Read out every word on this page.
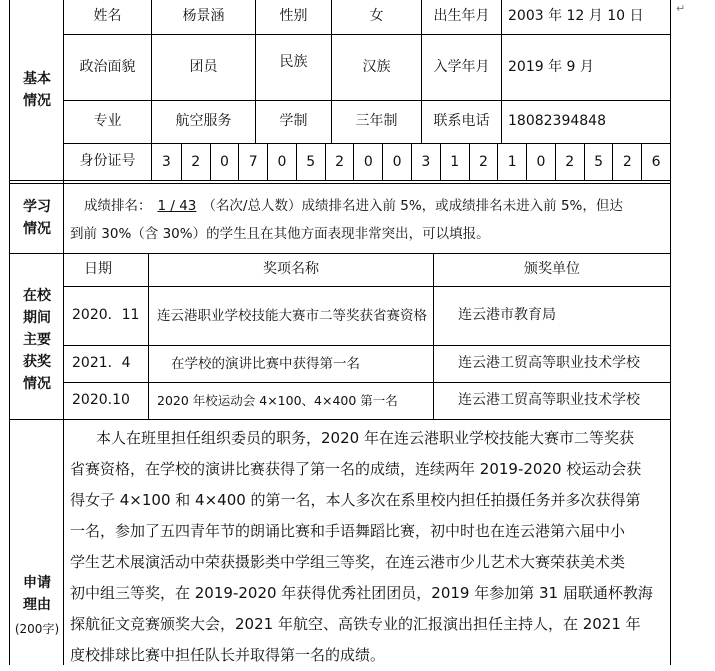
基本情况
姓名	杨景涵	性别	女	出生年月 2003 年 12 月 10 日
政治面貌	团员	民族	汉族	入学年月 2019 年 9 月
专业	航空服务	学制	三年制	联系电话 18082394848
身份证号	3	2	0	7	0	5	2	0	0	3	1	2	1	0	2	5	2	6
学习情况
成绩排名： 1 / 43 （名次/总人数）成绩排名进入前 5%，或成绩排名未进入前 5%，但达
到前 30%（含 30%）的学生且在其他方面表现非常突出，可以填报。
在校期间主要获奖情况
日期	奖项名称	颁奖单位
2020．11 连云港职业学校技能大赛市二等奖获省赛资格 连云港市教育局
2021．4	在学校的演讲比赛中获得第一名	连云港工贸高等职业技术学校
2020.10 2020 年校运动会 4×100、4×400 第一名	连云港工贸高等职业技术学校
申请理由
(200字)
本人在班里担任组织委员的职务，2020 年在连云港职业学校技能大赛市二等奖获
省赛资格，在学校的演讲比赛获得了第一名的成绩，连续两年 2019-2020 校运动会获
得女子 4×100 和 4×400 的第一名，本人多次在系里校内担任拍摄任务并多次获得第
一名，参加了五四青年节的朗诵比赛和手语舞蹈比赛，初中时也在连云港第六届中小
学生艺术展演活动中荣获摄影类中学组三等奖，在连云港市少儿艺术大赛荣获美术类
初中组三等奖，在 2019-2020 年获得优秀社团团员，2019 年参加第 31 届联通杯教海
探航征文竞赛颁奖大会，2021 年航空、高铁专业的汇报演出担任主持人，在 2021 年
度校排球比赛中担任队长并取得第一名的成绩。
↵
